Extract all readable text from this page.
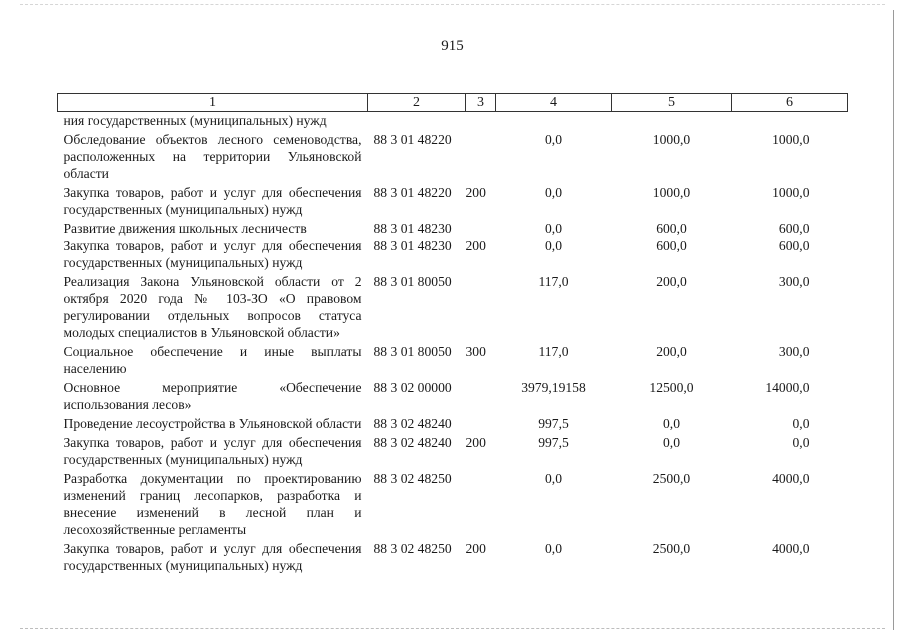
915
1	2	3	4	5	6
ния государственных (муниципальных) нужд					
Обследование объектов лесного семеноводства, расположенных на территории Ульяновской области	88 3 01 48220		0,0	1000,0	1000,0
Закупка товаров, работ и услуг для обеспечения государственных (муниципальных) нужд	88 3 01 48220	200	0,0	1000,0	1000,0
Развитие движения школьных лесничеств	88 3 01 48230		0,0	600,0	600,0
Закупка товаров, работ и услуг для обеспечения государственных (муниципальных) нужд	88 3 01 48230	200	0,0	600,0	600,0
Реализация Закона Ульяновской области от 2 октября 2020 года № 103-ЗО «О правовом регулировании отдельных вопросов статуса молодых специалистов в Ульяновской области»	88 3 01 80050		117,0	200,0	300,0
Социальное обеспечение и иные выплаты населению	88 3 01 80050	300	117,0	200,0	300,0
Основное мероприятие «Обеспечение использования лесов»	88 3 02 00000		3979,19158	12500,0	14000,0
Проведение лесоустройства в Ульяновской области	88 3 02 48240		997,5	0,0	0,0
Закупка товаров, работ и услуг для обеспечения государственных (муниципальных) нужд	88 3 02 48240	200	997,5	0,0	0,0
Разработка документации по проектированию изменений границ лесопарков, разработка и внесение изменений в лесной план и лесохозяйственные регламенты	88 3 02 48250		0,0	2500,0	4000,0
Закупка товаров, работ и услуг для обеспечения государственных (муниципальных) нужд	88 3 02 48250	200	0,0	2500,0	4000,0
